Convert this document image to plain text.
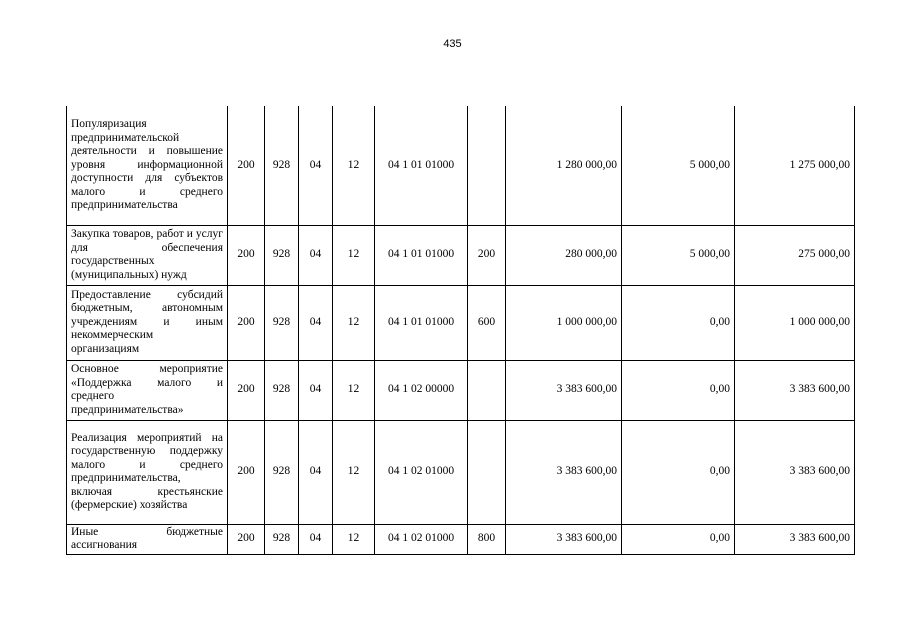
435
Популяризация предпринимательской деятельности и повышение уровня информационной доступности для субъектов малого и среднего предпринимательства	200	928	04	12	04 1 01 01000		1 280 000,00	5 000,00	1 275 000,00
Закупка товаров, работ и услуг для обеспечения государственных (муниципальных) нужд	200	928	04	12	04 1 01 01000	200	280 000,00	5 000,00	275 000,00
Предоставление субсидий бюджетным, автономным учреждениям и иным некоммерческим организациям	200	928	04	12	04 1 01 01000	600	1 000 000,00	0,00	1 000 000,00
Основное мероприятие «Поддержка малого и среднего предпринимательства»	200	928	04	12	04 1 02 00000		3 383 600,00	0,00	3 383 600,00
Реализация мероприятий на государственную поддержку малого и среднего предпринимательства, включая крестьянские (фермерские) хозяйства	200	928	04	12	04 1 02 01000		3 383 600,00	0,00	3 383 600,00
Иные бюджетные ассигнования	200	928	04	12	04 1 02 01000	800	3 383 600,00	0,00	3 383 600,00
